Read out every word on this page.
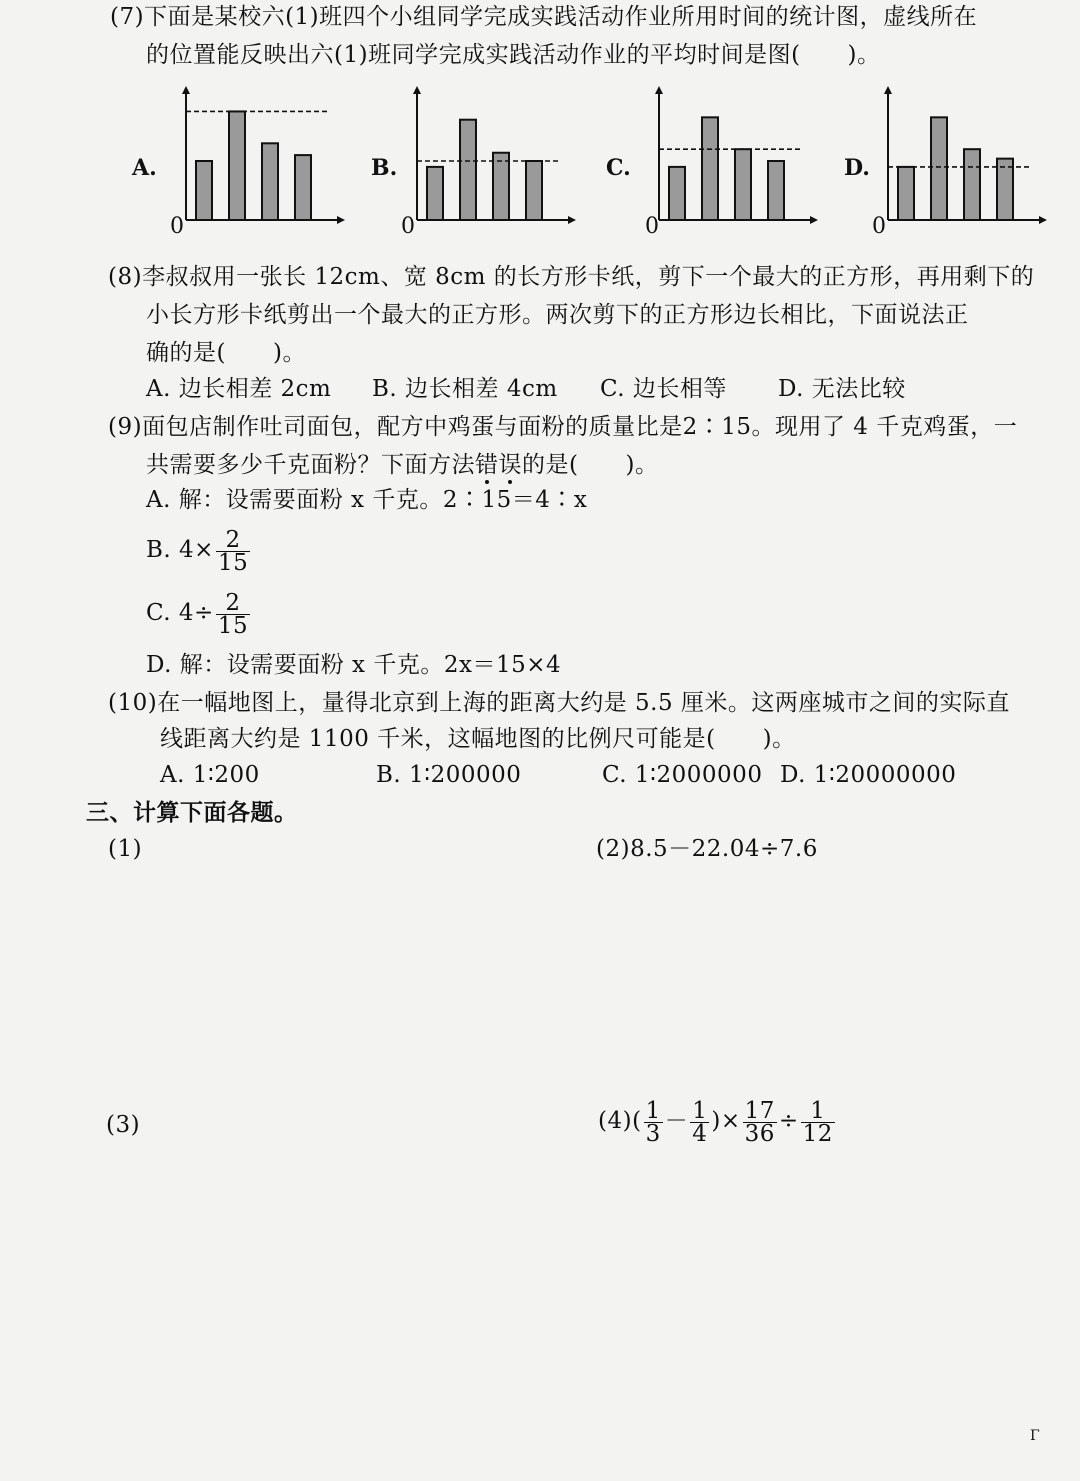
(7)下面是某校六(1)班四个小组同学完成实践活动作业所用时间的统计图，虚线所在
的位置能反映出六(1)班同学完成实践活动作业的平均时间是图(　　)。
A.	B.	C.	D.
0	0	0	0
(8)李叔叔用一张长 12cm、宽 8cm 的长方形卡纸，剪下一个最大的正方形，再用剩下的
小长方形卡纸剪出一个最大的正方形。两次剪下的正方形边长相比，下面说法正
确的是(　　)。
A. 边长相差 2cm B. 边长相差 4cm C. 边长相等 D. 无法比较
(9)面包店制作吐司面包，配方中鸡蛋与面粉的质量比是2∶15。现用了 4 千克鸡蛋，一
共需要多少千克面粉？下面方法错误的是(　　)。
A. 解：设需要面粉 x 千克。2∶15＝4∶x
B. $4\times \frac{2}{15}$
C. $4\div \frac{2}{15}$
D. 解：设需要面粉 x 千克。2x＝15×4
(10)在一幅地图上，量得北京到上海的距离大约是 5.5 厘米。这两座城市之间的实际直
线距离大约是 1100 千米，这幅地图的比例尺可能是(　　)。
A. 1∶200	B. 1∶200000	C. 1∶2000000 D. 1∶20000000
三、计算下面各题。
(1)	(2)8.5－22.04÷7.6
(3)	$(4)( \frac{1}{3} - \frac{1}{4}$ )× $\frac{17}{36} \div \frac{1}{12}$
Γ
